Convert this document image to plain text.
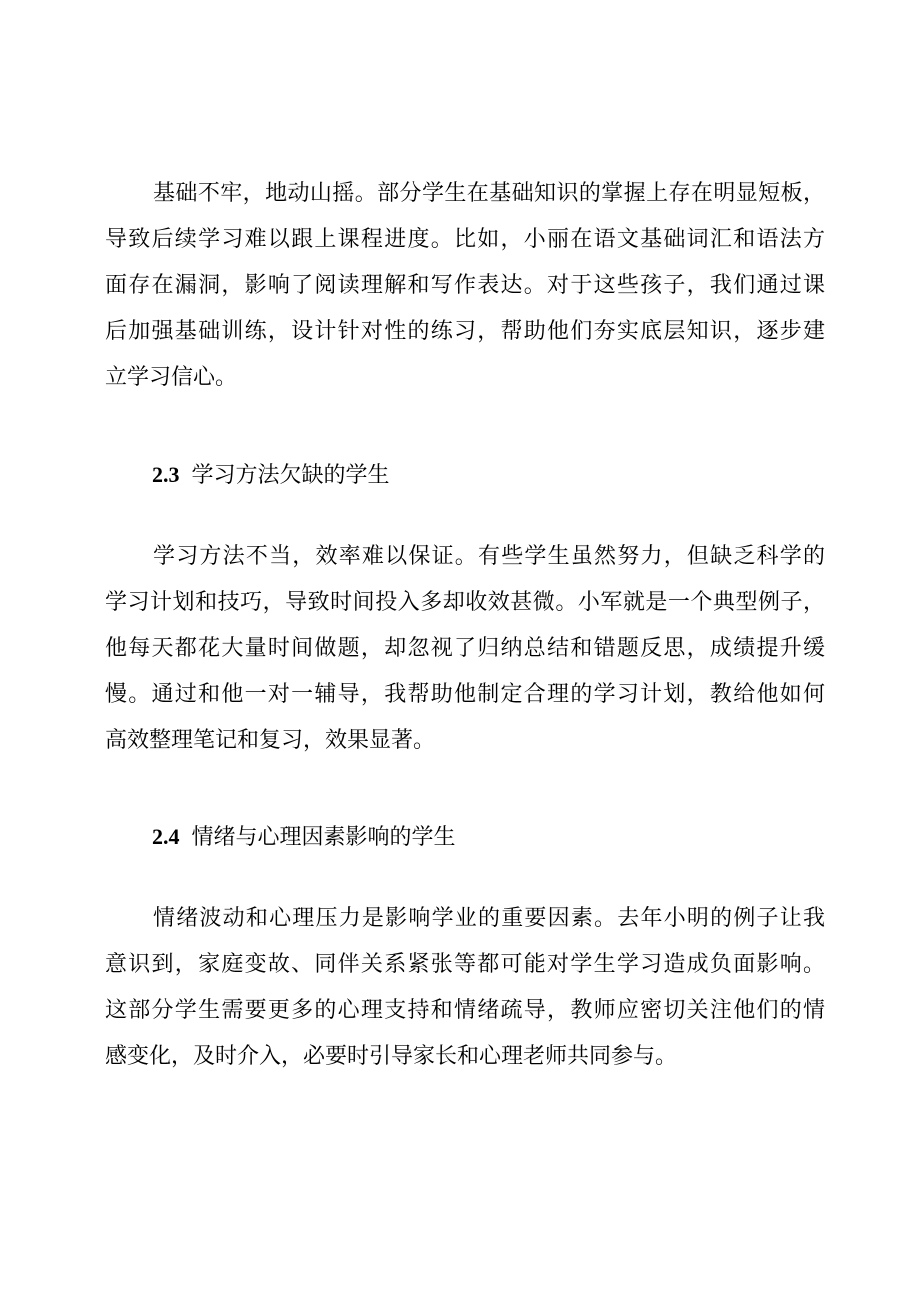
基础不牢，地动山摇。部分学生在基础知识的掌握上存在明显短板，
导致后续学习难以跟上课程进度。比如，小丽在语文基础词汇和语法方
面存在漏洞，影响了阅读理解和写作表达。对于这些孩子，我们通过课
后加强基础训练，设计针对性的练习，帮助他们夯实底层知识，逐步建
立学习信心。

2.3 学习方法欠缺的学生

学习方法不当，效率难以保证。有些学生虽然努力，但缺乏科学的
学习计划和技巧，导致时间投入多却收效甚微。小军就是一个典型例子，
他每天都花大量时间做题，却忽视了归纳总结和错题反思，成绩提升缓
慢。通过和他一对一辅导，我帮助他制定合理的学习计划，教给他如何
高效整理笔记和复习，效果显著。

2.4 情绪与心理因素影响的学生

情绪波动和心理压力是影响学业的重要因素。去年小明的例子让我
意识到，家庭变故、同伴关系紧张等都可能对学生学习造成负面影响。
这部分学生需要更多的心理支持和情绪疏导，教师应密切关注他们的情
感变化，及时介入，必要时引导家长和心理老师共同参与。
